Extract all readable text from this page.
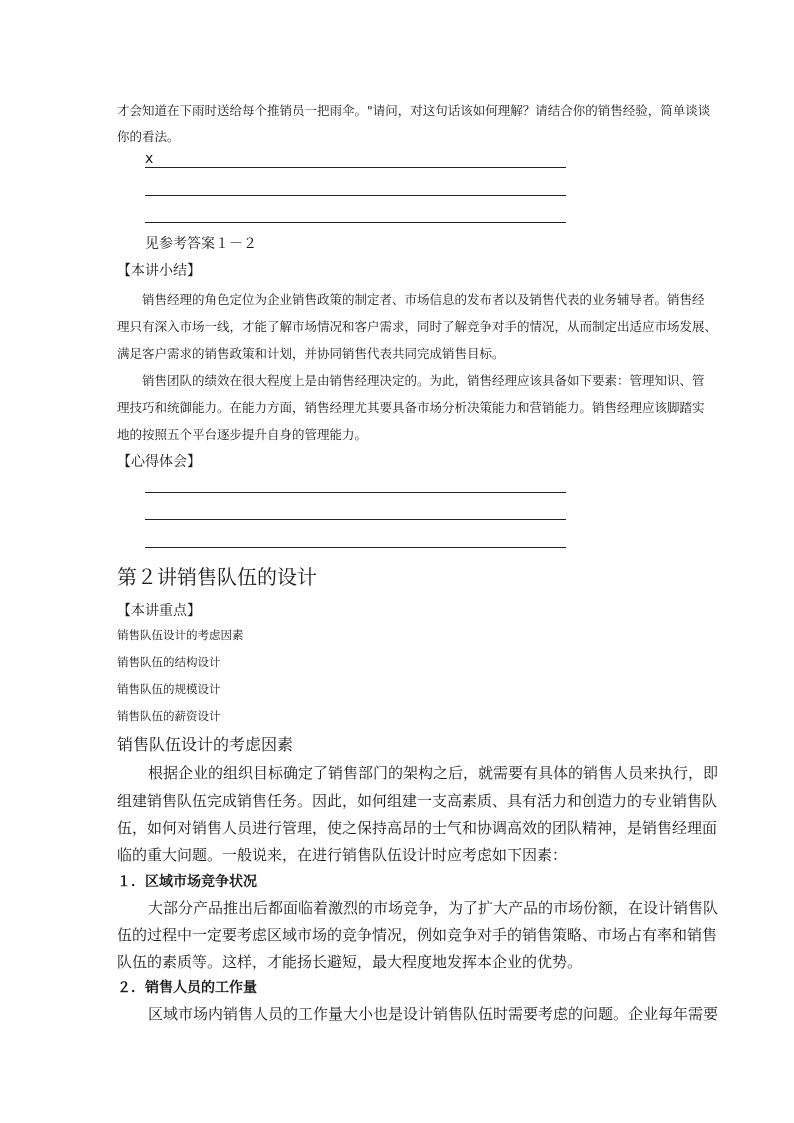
才会知道在下雨时送给每个推销员一把雨伞。"请问，对这句话该如何理解？请结合你的销售经验，简单谈谈
你的看法。
x
见参考答案１－２
【本讲小结】
销售经理的角色定位为企业销售政策的制定者、市场信息的发布者以及销售代表的业务辅导者。销售经
理只有深入市场一线，才能了解市场情况和客户需求，同时了解竞争对手的情况，从而制定出适应市场发展、
满足客户需求的销售政策和计划，并协同销售代表共同完成销售目标。
销售团队的绩效在很大程度上是由销售经理决定的。为此，销售经理应该具备如下要素：管理知识、管
理技巧和统御能力。在能力方面，销售经理尤其要具备市场分析决策能力和营销能力。销售经理应该脚踏实
地的按照五个平台逐步提升自身的管理能力。
【心得体会】
第２讲销售队伍的设计
【本讲重点】
销售队伍设计的考虑因素
销售队伍的结构设计
销售队伍的规模设计
销售队伍的薪资设计
销售队伍设计的考虑因素
根据企业的组织目标确定了销售部门的架构之后，就需要有具体的销售人员来执行，即
组建销售队伍完成销售任务。因此，如何组建一支高素质、具有活力和创造力的专业销售队
伍，如何对销售人员进行管理，使之保持高昂的士气和协调高效的团队精神，是销售经理面
临的重大问题。一般说来，在进行销售队伍设计时应考虑如下因素：
１．区域市场竞争状况
大部分产品推出后都面临着激烈的市场竞争，为了扩大产品的市场份额，在设计销售队
伍的过程中一定要考虑区域市场的竞争情况，例如竞争对手的销售策略、市场占有率和销售
队伍的素质等。这样，才能扬长避短，最大程度地发挥本企业的优势。
２．销售人员的工作量
区域市场内销售人员的工作量大小也是设计销售队伍时需要考虑的问题。企业每年需要
